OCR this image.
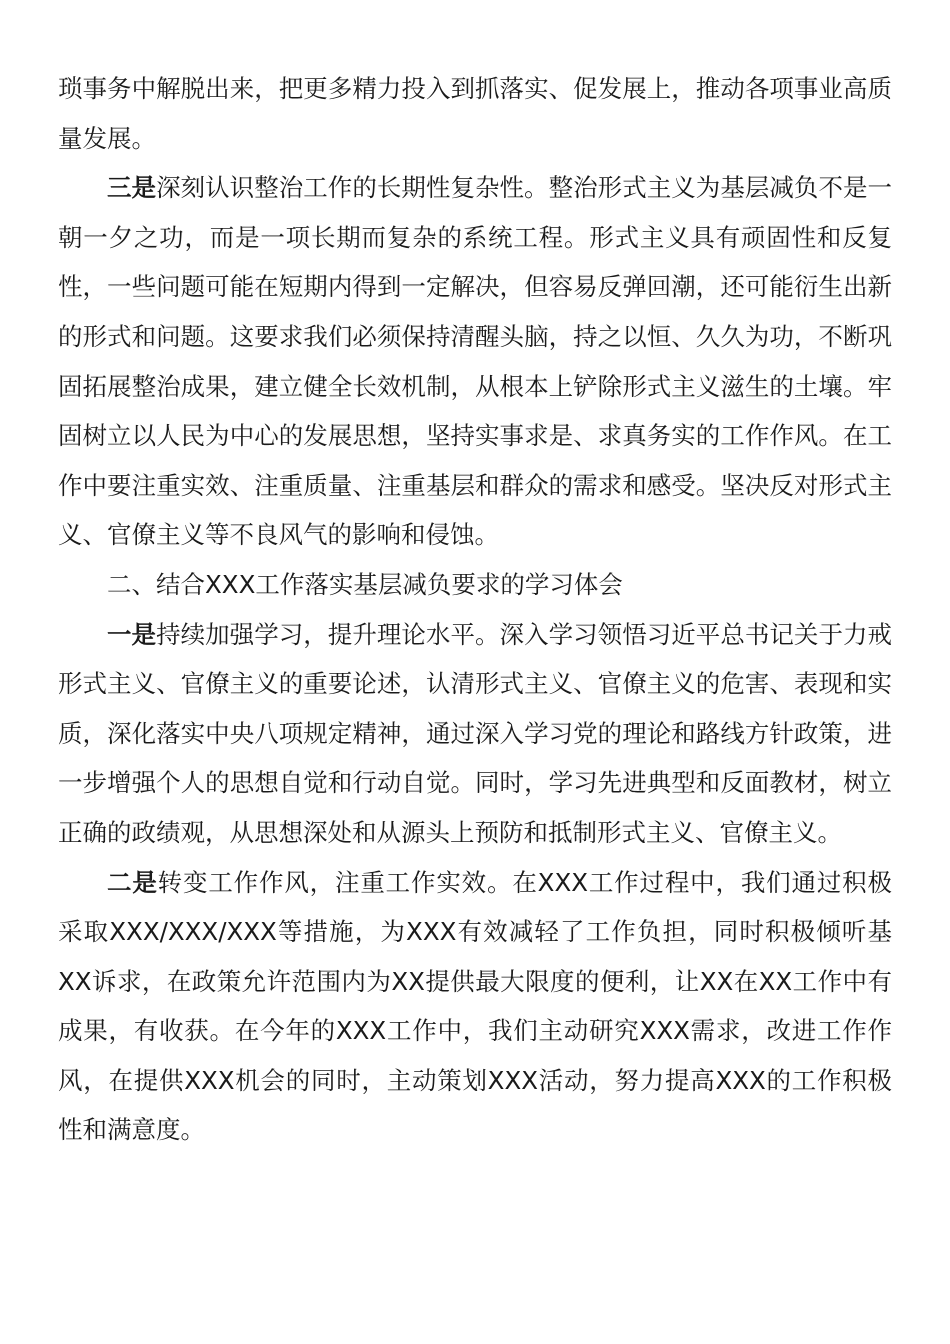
琐事务中解脱出来，把更多精力投入到抓落实、促发展上，推动各项事业高质量发展。

三是深刻认识整治工作的长期性复杂性。整治形式主义为基层减负不是一朝一夕之功，而是一项长期而复杂的系统工程。形式主义具有顽固性和反复性，一些问题可能在短期内得到一定解决，但容易反弹回潮，还可能衍生出新的形式和问题。这要求我们必须保持清醒头脑，持之以恒、久久为功，不断巩固拓展整治成果，建立健全长效机制，从根本上铲除形式主义滋生的土壤。牢固树立以人民为中心的发展思想，坚持实事求是、求真务实的工作作风。在工作中要注重实效、注重质量、注重基层和群众的需求和感受。坚决反对形式主义、官僚主义等不良风气的影响和侵蚀。

二、结合XXX工作落实基层减负要求的学习体会

一是持续加强学习，提升理论水平。深入学习领悟习近平总书记关于力戒形式主义、官僚主义的重要论述，认清形式主义、官僚主义的危害、表现和实质，深化落实中央八项规定精神，通过深入学习党的理论和路线方针政策，进一步增强个人的思想自觉和行动自觉。同时，学习先进典型和反面教材，树立正确的政绩观，从思想深处和从源头上预防和抵制形式主义、官僚主义。

二是转变工作作风，注重工作实效。在XXX工作过程中，我们通过积极采取XXX/XXX/XXX等措施，为XXX有效减轻了工作负担，同时积极倾听基XX诉求，在政策允许范围内为XX提供最大限度的便利，让XX在XX工作中有成果，有收获。在今年的XXX工作中，我们主动研究XXX需求，改进工作作风，在提供XXX机会的同时，主动策划XXX活动，努力提高XXX的工作积极性和满意度。
